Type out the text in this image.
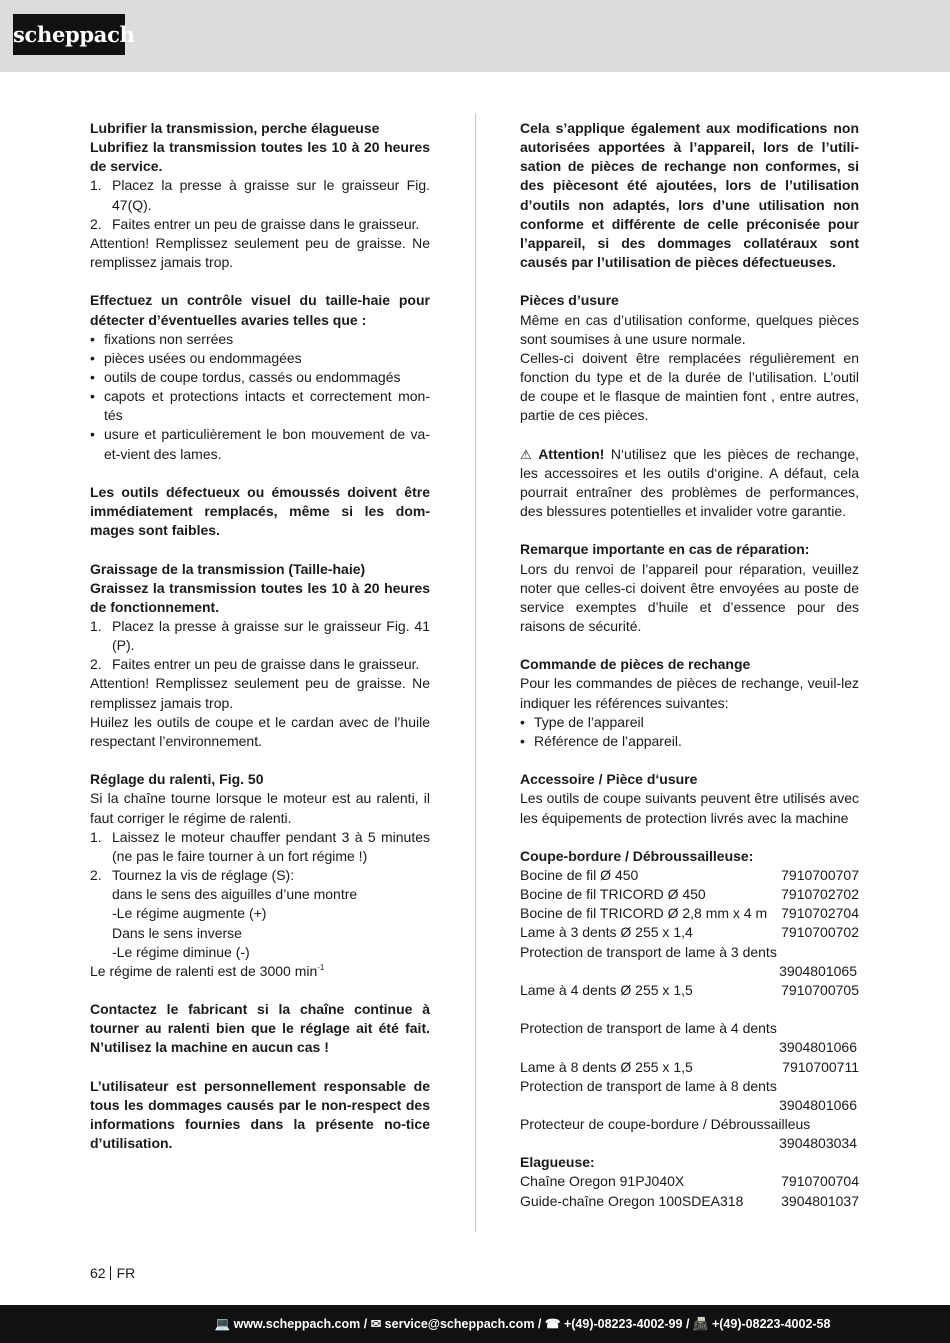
scheppach
Lubrifier la transmission, perche élagueuse
Lubrifiez la transmission toutes les 10 à 20 heures de service.
1. Placez la presse à graisse sur le graisseur Fig. 47(Q).
2. Faites entrer un peu de graisse dans le graisseur.
Attention! Remplissez seulement peu de graisse. Ne remplissez jamais trop.
Effectuez un contrôle visuel du taille-haie pour détecter d’éventuelles avaries telles que :
• fixations non serrées
• pièces usées ou endommagées
• outils de coupe tordus, cassés ou endommagés
• capots et protections intacts et correctement mon-tés
• usure et particulièrement le bon mouvement de va-et-vient des lames.
Les outils défectueux ou émoussés doivent être immédiatement remplacés, même si les dom-mages sont faibles.
Graissage de la transmission (Taille-haie)
Graissez la transmission toutes les 10 à 20 heures de fonctionnement.
1. Placez la presse à graisse sur le graisseur Fig. 41 (P).
2. Faites entrer un peu de graisse dans le graisseur.
Attention! Remplissez seulement peu de graisse. Ne remplissez jamais trop.
Huilez les outils de coupe et le cardan avec de l’huile respectant l’environnement.
Réglage du ralenti, Fig. 50
Si la chaîne tourne lorsque le moteur est au ralenti, il faut corriger le régime de ralenti.
1. Laissez le moteur chauffer pendant 3 à 5 minutes (ne pas le faire tourner à un fort régime !)
2. Tournez la vis de réglage (S):
dans le sens des aiguilles d’une montre
-Le régime augmente (+)
Dans le sens inverse
-Le régime diminue (-)
Le régime de ralenti est de 3000 $\min^{-1}$
Contactez le fabricant si la chaîne continue à tourner au ralenti bien que le réglage ait été fait. N’utilisez la machine en aucun cas !
L’utilisateur est personnellement responsable de tous les dommages causés par le non-respect des informations fournies dans la présente no-tice d’utilisation.
Cela s’applique également aux modifications non autorisées apportées à l’appareil, lors de l’utili-sation de pièces de rechange non conformes, si des piècesont été ajoutées, lors de l’utilisation d’outils non adaptés, lors d’une utilisation non conforme et différente de celle préconisée pour l’appareil, si des dommages collatéraux sont causés par l’utilisation de pièces défectueuses.
Pièces d’usure
Même en cas d’utilisation conforme, quelques pièces sont soumises à une usure normale.
Celles-ci doivent être remplacées régulièrement en fonction du type et de la durée de l’utilisation. L’outil de coupe et le flasque de maintien font , entre autres, partie de ces pièces.
⚠ Attention! N‘utilisez que les pièces de rechange, les accessoires et les outils d‘origine. A défaut, cela pourrait entraîner des problèmes de performances, des blessures potentielles et invalider votre garantie.
Remarque importante en cas de réparation:
Lors du renvoi de l’appareil pour réparation, veuillez noter que celles-ci doivent être envoyées au poste de service exemptes d’huile et d’essence pour des raisons de sécurité.
Commande de pièces de rechange
Pour les commandes de pièces de rechange, veuil-lez indiquer les références suivantes:
• Type de l’appareil
• Référence de l’appareil.
Accessoire / Pièce d‘usure
Les outils de coupe suivants peuvent être utilisés avec les équipements de protection livrés avec la machine
Coupe-bordure / Débroussailleuse:
Bocine de fil Ø 450	7910700707
Bocine de fil TRICORD Ø 450	7910702702
Bocine de fil TRICORD Ø 2,8 mm x 4 m 7910702704
Lame à 3 dents Ø 255 x 1,4	7910700702
Protection de transport de lame à 3 dents
3904801065
Lame à 4 dents Ø 255 x 1,5	7910700705
Protection de transport de lame à 4 dents
3904801066
Lame à 8 dents Ø 255 x 1,5	7910700711
Protection de transport de lame à 8 dents
3904801066
Protecteur de coupe-bordure / Débroussailleus
3904803034
Elagueuse:
Chaîne Oregon 91PJ040X	7910700704
Guide-chaîne Oregon 100SDEA318	3904801037
62 FR
💻 www.scheppach.com / ✉ service@scheppach.com / ☎ +(49)-08223-4002-99 / 📠 +(49)-08223-4002-58
